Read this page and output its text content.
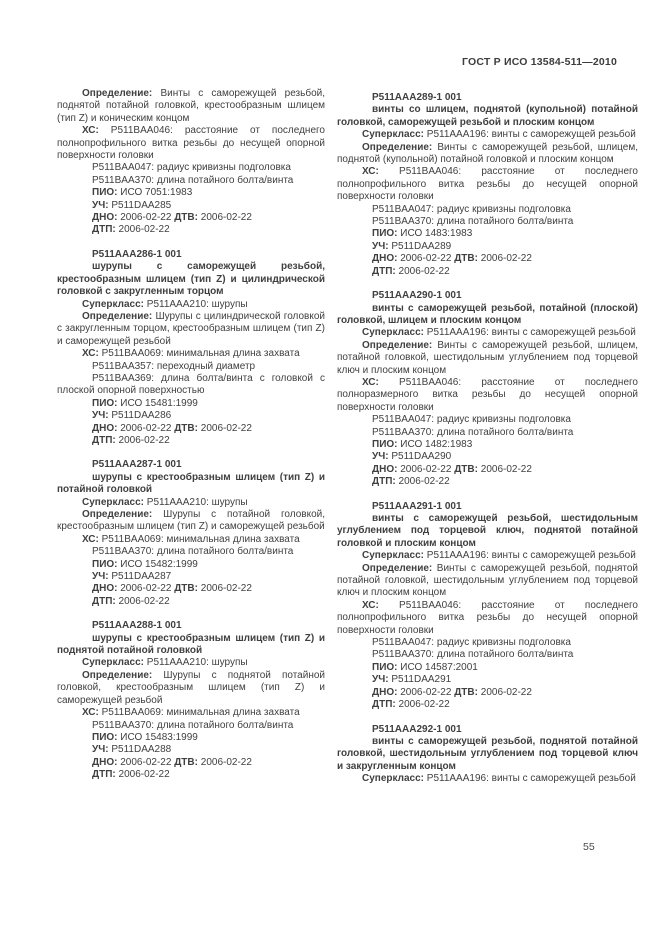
ГОСТ Р ИСО 13584-511—2010

Определение: Винты с саморежущей резьбой, поднятой потайной головкой, крестообразным шлицем (тип Z) и коническим концом

ХС: P511BAA046: расстояние от последнего полнопрофильного витка резьбы до несущей опорной поверхности головки

P511BAA047: радиус кривизны подголовка

P511BAA370: длина потайного болта/винта

ПИО: ИСО 7051:1983

УЧ: P511DAA285

ДНО: 2006-02-22 ДТВ: 2006-02-22

ДТП: 2006-02-22

P511AAA286-1 001

шурупы с саморежущей резьбой, крестообразным шлицем (тип Z) и цилиндрической головкой с закругленным торцом

Суперкласс: P511AAA210: шурупы

Определение: Шурупы с цилиндрической головкой с закругленным торцом, крестообразным шлицем (тип Z) и саморежущей резьбой

ХС: P511BAA069: минимальная длина захвата

P511BAA357: переходный диаметр

P511BAA369: длина болта/винта с головкой с плоской опорной поверхностью

ПИО: ИСО 15481:1999

УЧ: P511DAA286

ДНО: 2006-02-22 ДТВ: 2006-02-22

ДТП: 2006-02-22

P511AAA287-1 001

шурупы с крестообразным шлицем (тип Z) и потайной головкой

Суперкласс: P511AAA210: шурупы

Определение: Шурупы с потайной головкой, крестообразным шлицем (тип Z) и саморежущей резьбой

ХС: P511BAA069: минимальная длина захвата

P511BAA370: длина потайного болта/винта

ПИО: ИСО 15482:1999

УЧ: P511DAA287

ДНО: 2006-02-22 ДТВ: 2006-02-22

ДТП: 2006-02-22

P511AAA288-1 001

шурупы с крестообразным шлицем (тип Z) и поднятой потайной головкой

Суперкласс: P511AAA210: шурупы

Определение: Шурупы с поднятой потайной головкой, крестообразным шлицем (тип Z) и саморежущей резьбой

ХС: P511BAA069: минимальная длина захвата

P511BAA370: длина потайного болта/винта

ПИО: ИСО 15483:1999

УЧ: P511DAA288

ДНО: 2006-02-22 ДТВ: 2006-02-22

ДТП: 2006-02-22

P511AAA289-1 001

винты со шлицем, поднятой (купольной) потайной головкой, саморежущей резьбой и плоским концом

Суперкласс: P511AAA196: винты с саморежущей резьбой

Определение: Винты с саморежущей резьбой, шлицем, поднятой (купольной) потайной головкой и плоским концом

ХС: P511BAA046: расстояние от последнего полнопрофильного витка резьбы до несущей опорной поверхности головки

P511BAA047: радиус кривизны подголовка

P511BAA370: длина потайного болта/винта

ПИО: ИСО 1483:1983

УЧ: P511DAA289

ДНО: 2006-02-22 ДТВ: 2006-02-22

ДТП: 2006-02-22

P511AAA290-1 001

винты с саморежущей резьбой, потайной (плоской) головкой, шлицем и плоским концом

Суперкласс: P511AAA196: винты с саморежущей резьбой

Определение: Винты с саморежущей резьбой, шлицем, потайной головкой, шестидольным углублением под торцевой ключ и плоским концом

ХС: P511BAA046: расстояние от последнего полноразмерного витка резьбы до несущей опорной поверхности головки

P511BAA047: радиус кривизны подголовка

P511BAA370: длина потайного болта/винта

ПИО: ИСО 1482:1983

УЧ: P511DAA290

ДНО: 2006-02-22 ДТВ: 2006-02-22

ДТП: 2006-02-22

P511AAA291-1 001

винты с саморежущей резьбой, шестидольным углублением под торцевой ключ, поднятой потайной головкой и плоским концом

Суперкласс: P511AAA196: винты с саморежущей резьбой

Определение: Винты с саморежущей резьбой, поднятой потайной головкой, шестидольным углублением под торцевой ключ и плоским концом

ХС: P511BAA046: расстояние от последнего полнопрофильного витка резьбы до несущей опорной поверхности головки

P511BAA047: радиус кривизны подголовка

P511BAA370: длина потайного болта/винта

ПИО: ИСО 14587:2001

УЧ: P511DAA291

ДНО: 2006-02-22 ДТВ: 2006-02-22

ДТП: 2006-02-22

P511AAA292-1 001

винты с саморежущей резьбой, поднятой потайной головкой, шестидольным углублением под торцевой ключ и закругленным концом

Суперкласс: P511AAA196: винты с саморежущей резьбой

55
